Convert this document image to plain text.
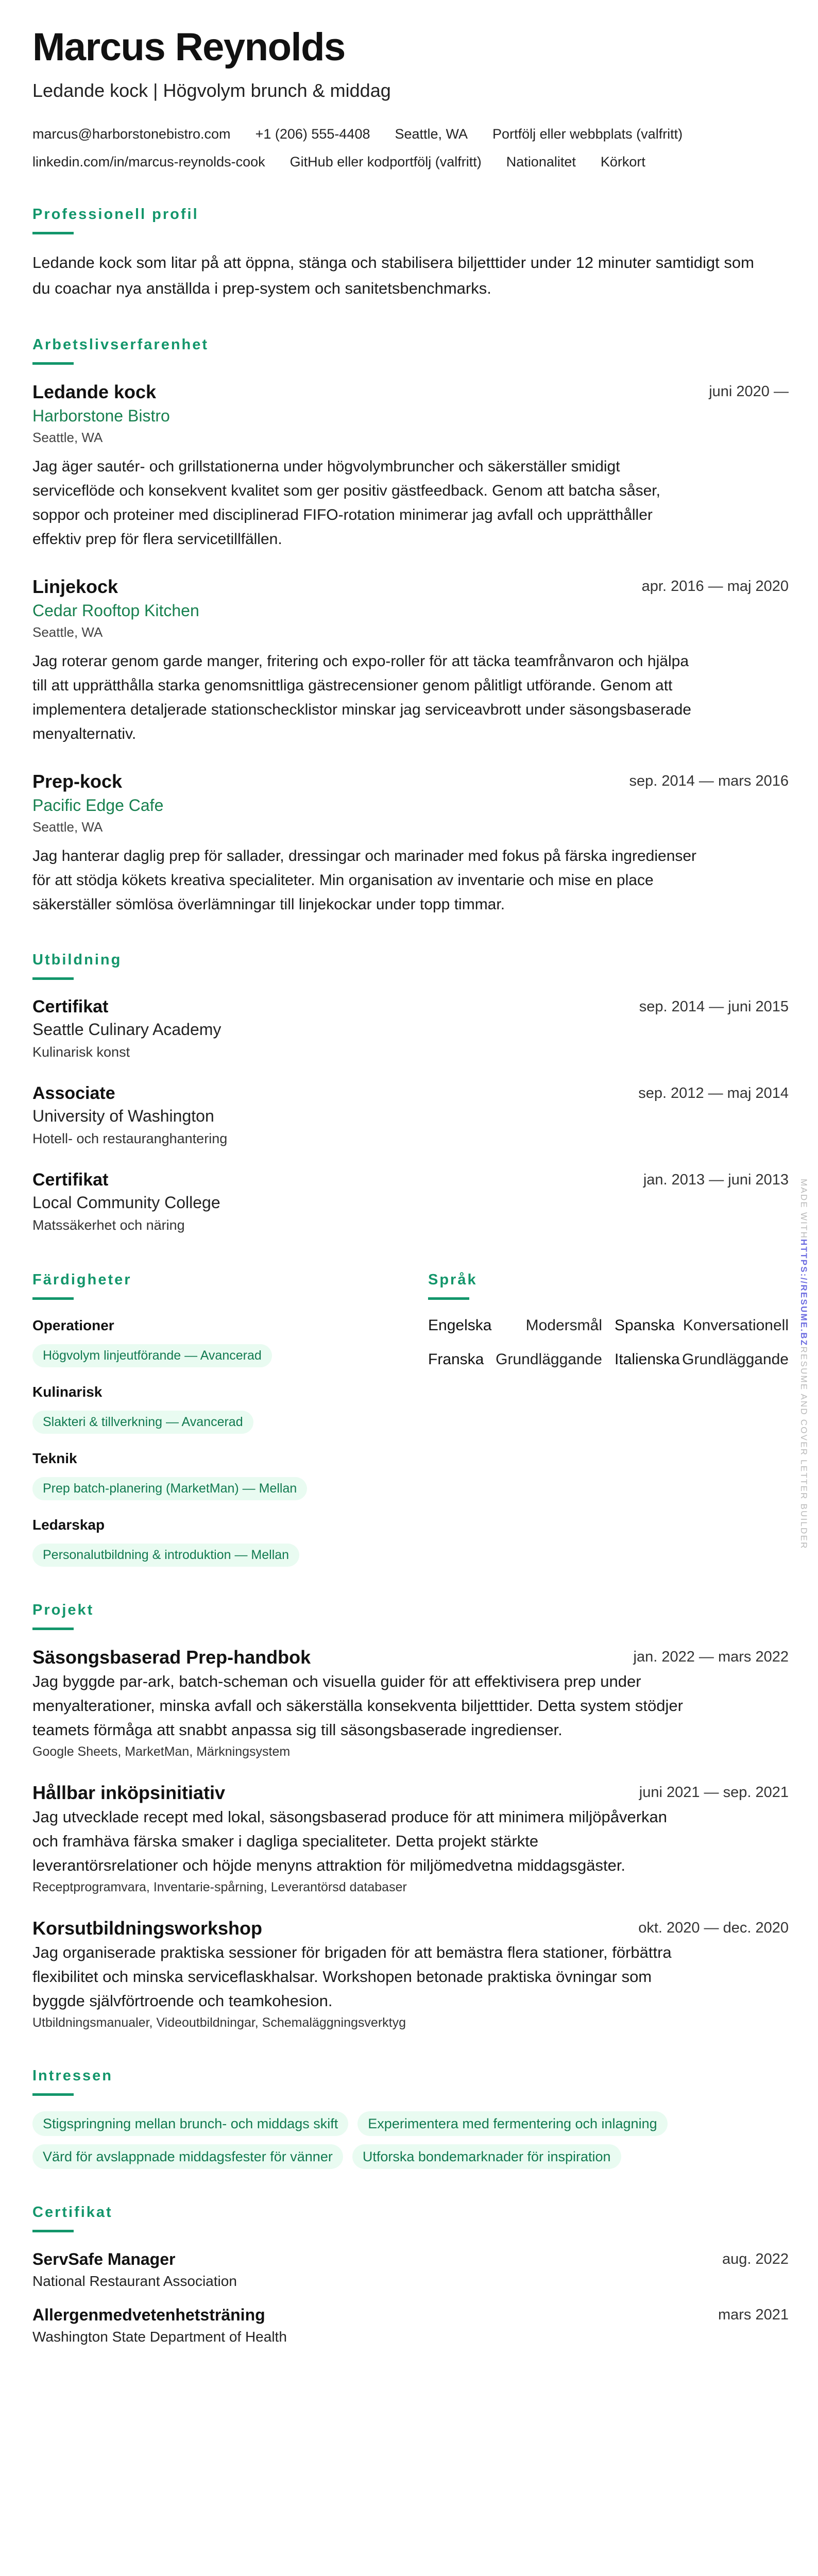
Marcus Reynolds
Ledande kock | Högvolym brunch & middag
marcus@harborstonebistro.com +1 (206) 555-4408 Seattle, WA Portfölj eller webbplats (valfritt)
linkedin.com/in/marcus-reynolds-cook GitHub eller kodportfölj (valfritt) Nationalitet Körkort
Professionell profil
Ledande kock som litar på att öppna, stänga och stabilisera biljetttider under 12 minuter samtidigt som du coachar nya anställda i prep-system och sanitetsbenchmarks.
Arbetslivserfarenhet
Ledande kock	juni 2020 —
Harborstone Bistro
Seattle, WA
Jag äger sautér- och grillstationerna under högvolymbruncher och säkerställer smidigt serviceflöde och konsekvent kvalitet som ger positiv gästfeedback. Genom att batcha såser, soppor och proteiner med disciplinerad FIFO-rotation minimerar jag avfall och upprätthåller effektiv prep för flera servicetillfällen.
Linjekock	apr. 2016 — maj 2020
Cedar Rooftop Kitchen
Seattle, WA
Jag roterar genom garde manger, fritering och expo-roller för att täcka teamfrånvaron och hjälpa till att upprätthålla starka genomsnittliga gästrecensioner genom pålitligt utförande. Genom att implementera detaljerade stationschecklistor minskar jag serviceavbrott under säsongsbaserade menyalternativ.
Prep-kock	sep. 2014 — mars 2016
Pacific Edge Cafe
Seattle, WA
Jag hanterar daglig prep för sallader, dressingar och marinader med fokus på färska ingredienser för att stödja kökets kreativa specialiteter. Min organisation av inventarie och mise en place säkerställer sömlösa överlämningar till linjekockar under topp timmar.
Utbildning
Certifikat	sep. 2014 — juni 2015
Seattle Culinary Academy
Kulinarisk konst
Associate	sep. 2012 — maj 2014
University of Washington
Hotell- och restauranghantering
Certifikat	jan. 2013 — juni 2013
Local Community College
Matssäkerhet och näring
Färdigheter
Operationer
Högvolym linjeutförande — Avancerad
Kulinarisk
Slakteri & tillverkning — Avancerad
Teknik
Prep batch-planering (MarketMan) — Mellan
Ledarskap
Personalutbildning & introduktion — Mellan
Språk
Engelska Modersmål Spanska Konversationell
Franska Grundläggande Italienska Grundläggande
Projekt
Säsongsbaserad Prep-handbok	jan. 2022 — mars 2022
Jag byggde par-ark, batch-scheman och visuella guider för att effektivisera prep under menyalterationer, minska avfall och säkerställa konsekventa biljetttider. Detta system stödjer teamets förmåga att snabbt anpassa sig till säsongsbaserade ingredienser.
Google Sheets, MarketMan, Märkningsystem
Hållbar inköpsinitiativ	juni 2021 — sep. 2021
Jag utvecklade recept med lokal, säsongsbaserad produce för att minimera miljöpåverkan och framhäva färska smaker i dagliga specialiteter. Detta projekt stärkte leverantörsrelationer och höjde menyns attraktion för miljömedvetna middagsgäster.
Receptprogramvara, Inventarie-spårning, Leverantörsd databaser
Korsutbildningsworkshop	okt. 2020 — dec. 2020
Jag organiserade praktiska sessioner för brigaden för att bemästra flera stationer, förbättra flexibilitet och minska serviceflaskhalsar. Workshopen betonade praktiska övningar som byggde självförtroende och teamkohesion.
Utbildningsmanualer, Videoutbildningar, Schemaläggningsverktyg
Intressen
Stigspringning mellan brunch- och middags skift	Experimentera med fermentering och inlagning
Värd för avslappnade middagsfester för vänner	Utforska bondemarknader för inspiration
Certifikat
ServSafe Manager	aug. 2022
National Restaurant Association
Allergenmedvetenhetsträning	mars 2021
Washington State Department of Health
MADE WITHHTTPS://RESUME.BZRESUME AND COVER LETTER BUILDER
